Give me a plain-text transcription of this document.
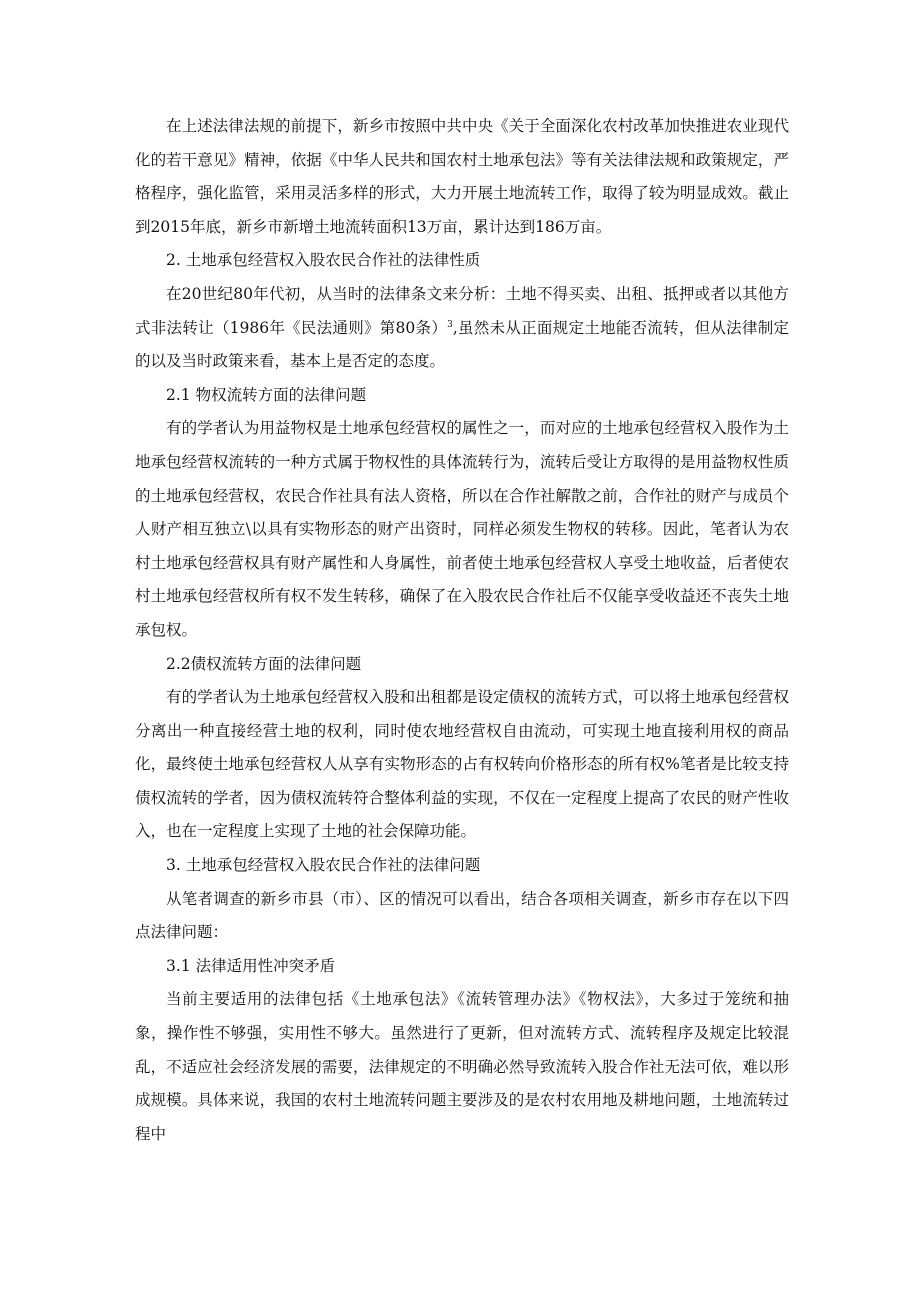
在上述法律法规的前提下，新乡市按照中共中央《关于全面深化农村改革加快推进农业现代化的若干意见》精神，依据《中华人民共和国农村土地承包法》等有关法律法规和政策规定，严格程序，强化监管，采用灵活多样的形式，大力开展土地流转工作，取得了较为明显成效。截止到2015年底，新乡市新增土地流转面积13万亩，累计达到186万亩。

2. 土地承包经营权入股农民合作社的法律性质

在20世纪80年代初，从当时的法律条文来分析：土地不得买卖、出租、抵押或者以其他方式非法转让（1986年《民法通则》第80条）$^3$,虽然未从正面规定土地能否流转，但从法律制定的以及当时政策来看，基本上是否定的态度。

2.1 物权流转方面的法律问题

有的学者认为用益物权是土地承包经营权的属性之一，而对应的土地承包经营权入股作为土地承包经营权流转的一种方式属于物权性的具体流转行为，流转后受让方取得的是用益物权性质的土地承包经营权，农民合作社具有法人资格，所以在合作社解散之前，合作社的财产与成员个人财产相互独立\以具有实物形态的财产出资时，同样必须发生物权的转移。因此，笔者认为农村土地承包经营权具有财产属性和人身属性，前者使土地承包经营权人享受土地收益，后者使农村土地承包经营权所有权不发生转移，确保了在入股农民合作社后不仅能享受收益还不丧失土地承包权。

2.2债权流转方面的法律问题

有的学者认为土地承包经营权入股和出租都是设定债权的流转方式，可以将土地承包经营权分离出一种直接经营土地的权利，同时使农地经营权自由流动，可实现土地直接利用权的商品化，最终使土地承包经营权人从享有实物形态的占有权转向价格形态的所有权%笔者是比较支持债权流转的学者，因为债权流转符合整体利益的实现，不仅在一定程度上提高了农民的财产性收入，也在一定程度上实现了土地的社会保障功能。

3. 土地承包经营权入股农民合作社的法律问题

从笔者调查的新乡市县（市）、区的情况可以看出，结合各项相关调查，新乡市存在以下四点法律问题：

3.1 法律适用性冲突矛盾

当前主要适用的法律包括《土地承包法》《流转管理办法》《物权法》，大多过于笼统和抽象，操作性不够强，实用性不够大。虽然进行了更新，但对流转方式、流转程序及规定比较混乱，不适应社会经济发展的需要，法律规定的不明确必然导致流转入股合作社无法可依，难以形成规模。具体来说，我国的农村土地流转问题主要涉及的是农村农用地及耕地问题，土地流转过程中
